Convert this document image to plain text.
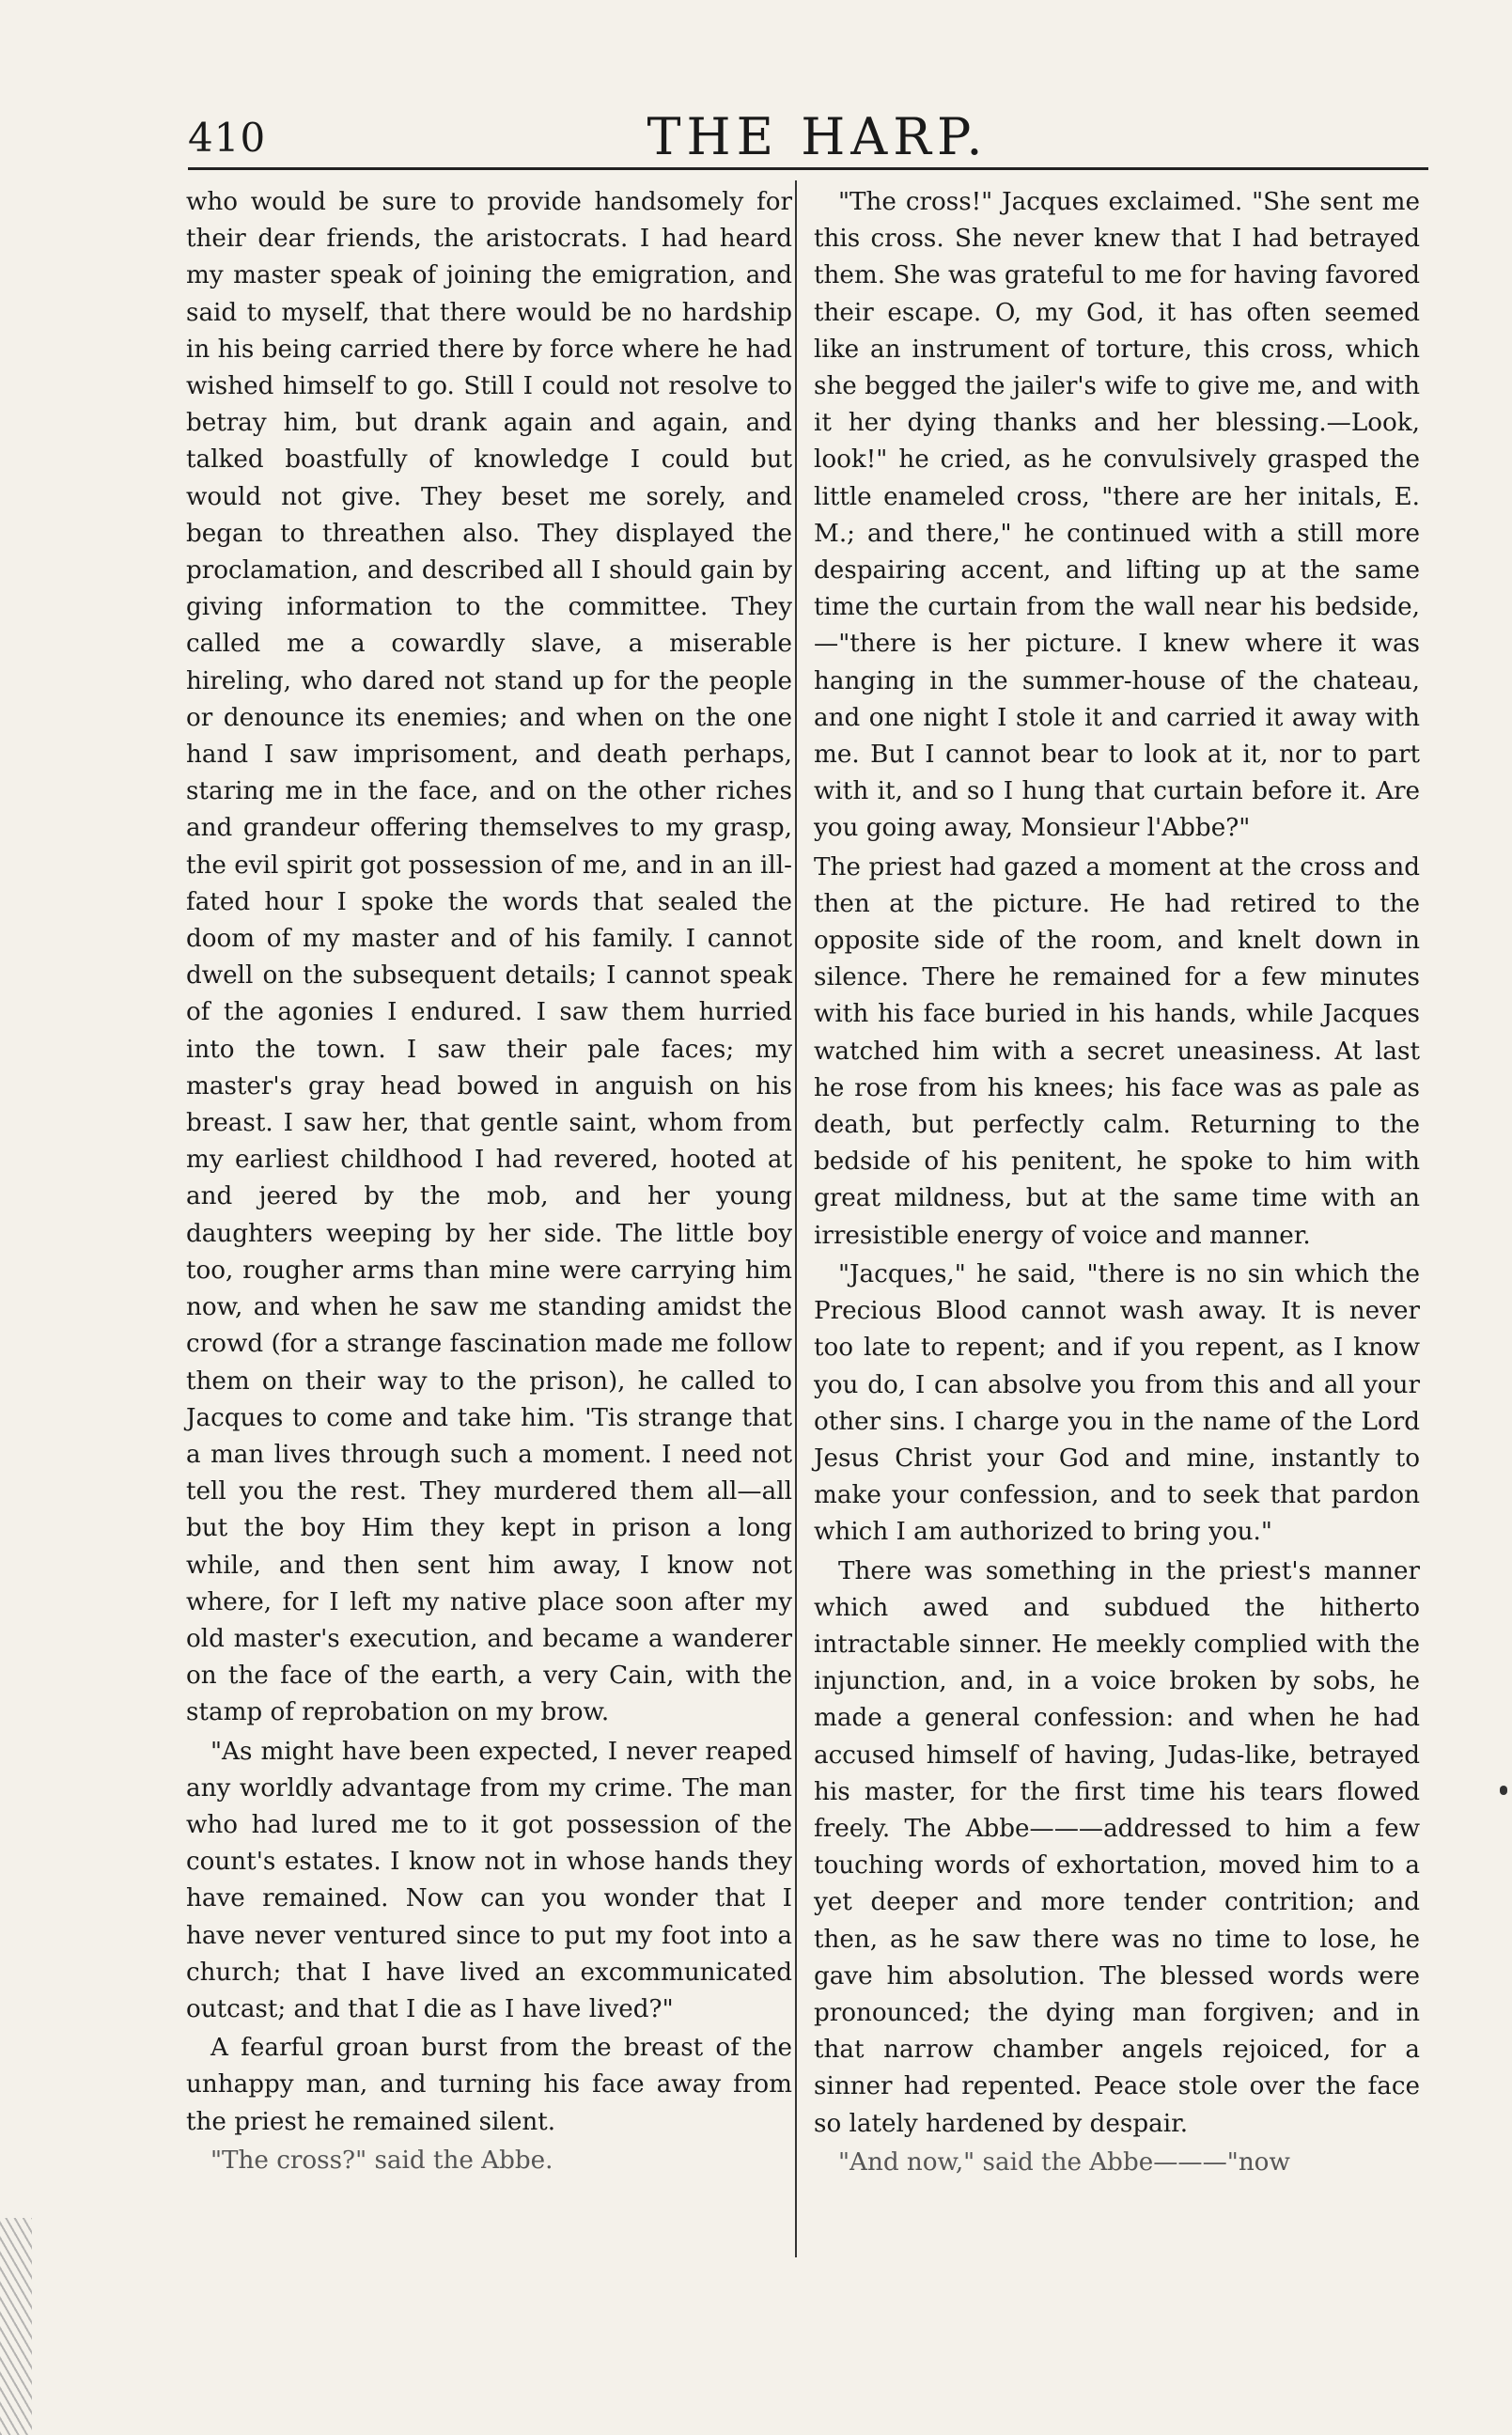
410	THE HARP.

who would be sure to provide handsomely for their dear friends, the aristocrats. I had heard my master speak of joining the emigration, and said to myself, that there would be no hardship in his being carried there by force where he had wished himself to go. Still I could not resolve to betray him, but drank again and again, and talked boastfully of knowledge I could but would not give. They beset me sorely, and began to threathen also. They displayed the proclamation, and described all I should gain by giving information to the committee. They called me a cowardly slave, a miserable hireling, who dared not stand up for the people or denounce its enemies; and when on the one hand I saw imprisoment, and death perhaps, staring me in the face, and on the other riches and grandeur offering themselves to my grasp, the evil spirit got possession of me, and in an ill-fated hour I spoke the words that sealed the doom of my master and of his family. I cannot dwell on the subsequent details; I cannot speak of the agonies I endured. I saw them hurried into the town. I saw their pale faces; my master's gray head bowed in anguish on his breast. I saw her, that gentle saint, whom from my earliest childhood I had revered, hooted at and jeered by the mob, and her young daughters weeping by her side. The little boy too, rougher arms than mine were carrying him now, and when he saw me standing amidst the crowd (for a strange fascination made me follow them on their way to the prison), he called to Jacques to come and take him. 'Tis strange that a man lives through such a moment. I need not tell you the rest. They murdered them all—all but the boy Him they kept in prison a long while, and then sent him away, I know not where, for I left my native place soon after my old master's execution, and became a wanderer on the face of the earth, a very Cain, with the stamp of reprobation on my brow.

"As might have been expected, I never reaped any worldly advantage from my crime. The man who had lured me to it got possession of the count's estates. I know not in whose hands they have remained. Now can you wonder that I have never ventured since to put my foot into a church; that I have lived an excommunicated outcast; and that I die as I have lived?"

A fearful groan burst from the breast of the unhappy man, and turning his face away from the priest he remained silent.

"The cross?" said the Abbe.

"The cross!" Jacques exclaimed. "She sent me this cross. She never knew that I had betrayed them. She was grateful to me for having favored their escape. O, my God, it has often seemed like an instrument of torture, this cross, which she begged the jailer's wife to give me, and with it her dying thanks and her blessing.—Look, look!" he cried, as he convulsively grasped the little enameled cross, "there are her initals, E. M.; and there," he continued with a still more despairing accent, and lifting up at the same time the curtain from the wall near his bedside,—"there is her picture. I knew where it was hanging in the summer-house of the chateau, and one night I stole it and carried it away with me. But I cannot bear to look at it, nor to part with it, and so I hung that curtain before it. Are you going away, Monsieur l'Abbe?"

The priest had gazed a moment at the cross and then at the picture. He had retired to the opposite side of the room, and knelt down in silence. There he remained for a few minutes with his face buried in his hands, while Jacques watched him with a secret uneasiness. At last he rose from his knees; his face was as pale as death, but perfectly calm. Returning to the bedside of his penitent, he spoke to him with great mildness, but at the same time with an irresistible energy of voice and manner.

"Jacques," he said, "there is no sin which the Precious Blood cannot wash away. It is never too late to repent; and if you repent, as I know you do, I can absolve you from this and all your other sins. I charge you in the name of the Lord Jesus Christ your God and mine, instantly to make your confession, and to seek that pardon which I am authorized to bring you."

There was something in the priest's manner which awed and subdued the hitherto intractable sinner. He meekly complied with the injunction, and, in a voice broken by sobs, he made a general confession: and when he had accused himself of having, Judas-like, betrayed his master, for the first time his tears flowed freely. The Abbe———addressed to him a few touching words of exhortation, moved him to a yet deeper and more tender contrition; and then, as he saw there was no time to lose, he gave him absolution. The blessed words were pronounced; the dying man forgiven; and in that narrow chamber angels rejoiced, for a sinner had repented. Peace stole over the face so lately hardened by despair.

"And now," said the Abbe———"now
